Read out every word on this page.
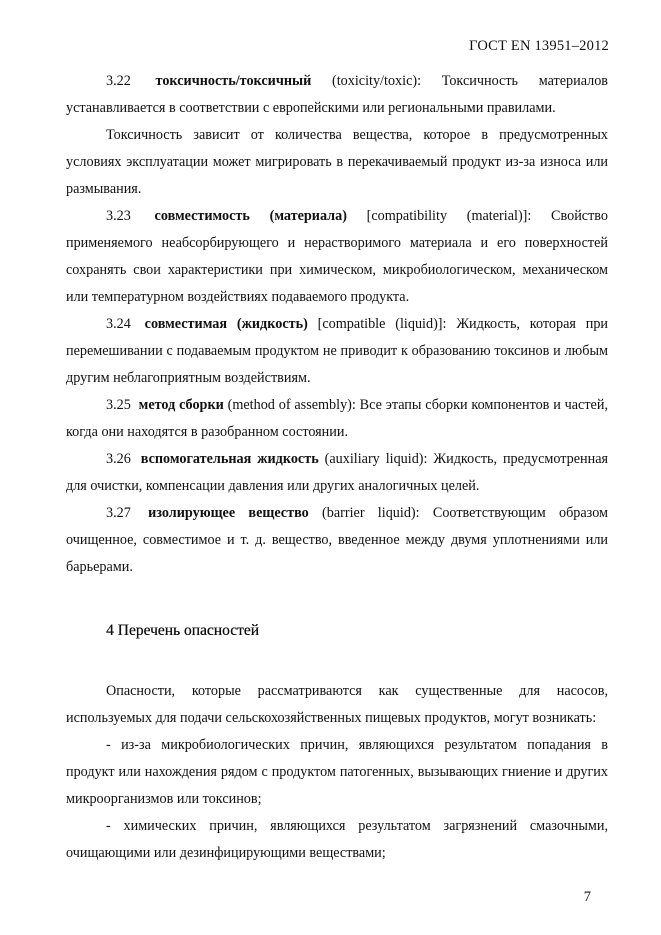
ГОСТ EN 13951–2012

3.22 токсичность/токсичный (toxicity/toxic): Токсичность материалов устанавливается в соответствии с европейскими или региональными правилами.

Токсичность зависит от количества вещества, которое в предусмотренных условиях эксплуатации может мигрировать в перекачиваемый продукт из-за износа или размывания.

3.23 совместимость (материала) [compatibility (material)]: Свойство применяемого неабсорбирующего и нерастворимого материала и его поверхностей сохранять свои характеристики при химическом, микробиологическом, механическом или температурном воздействиях подаваемого продукта.

3.24 совместимая (жидкость) [compatible (liquid)]: Жидкость, которая при перемешивании с подаваемым продуктом не приводит к образованию токсинов и любым другим неблагоприятным воздействиям.

3.25 метод сборки (method of assembly): Все этапы сборки компонентов и частей, когда они находятся в разобранном состоянии.

3.26 вспомогательная жидкость (auxiliary liquid): Жидкость, предусмотренная для очистки, компенсации давления или других аналогичных целей.

3.27 изолирующее вещество (barrier liquid): Соответствующим образом очищенное, совместимое и т. д. вещество, введенное между двумя уплотнениями или барьерами.

4 Перечень опасностей

Опасности, которые рассматриваются как существенные для насосов, используемых для подачи сельскохозяйственных пищевых продуктов, могут возникать:

- из-за микробиологических причин, являющихся результатом попадания в продукт или нахождения рядом с продуктом патогенных, вызывающих гниение и других микроорганизмов или токсинов;

- химических причин, являющихся результатом загрязнений смазочными, очищающими или дезинфицирующими веществами;

7
